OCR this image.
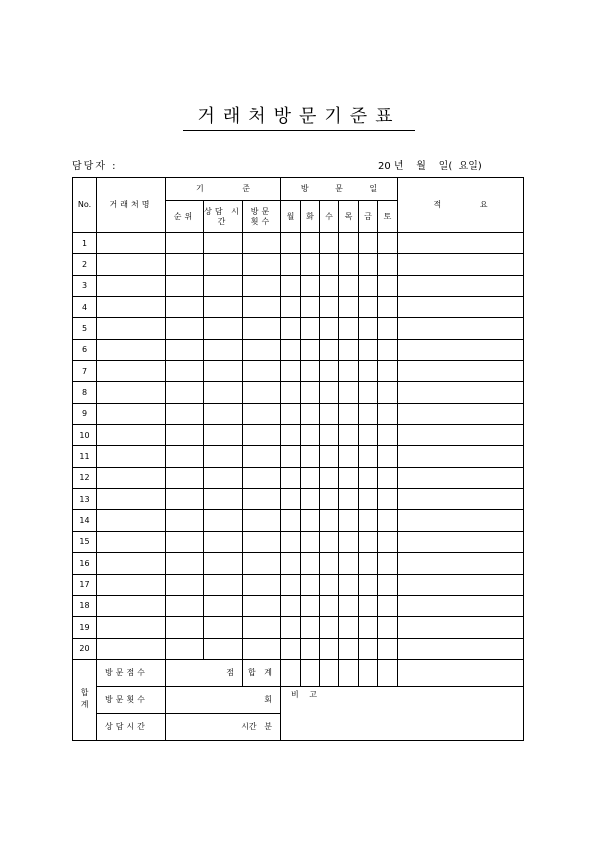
거래처방문기준표
담당자 :	20 년    월    일(  요일)
No.	거래처명	기 준			방 문 일						적 요
		순위	상담 시간	방문 횟수	월	화	수	목	금	토	
1											
2											
3											
4											
5											
6											
7											
8											
9											
10											
11											
12											
13											
14											
15											
16											
17											
18											
19											
20											
합계	방문점수	점		합 계							
	방문횟수	회			비 고						
	상담시간	시간   분									
